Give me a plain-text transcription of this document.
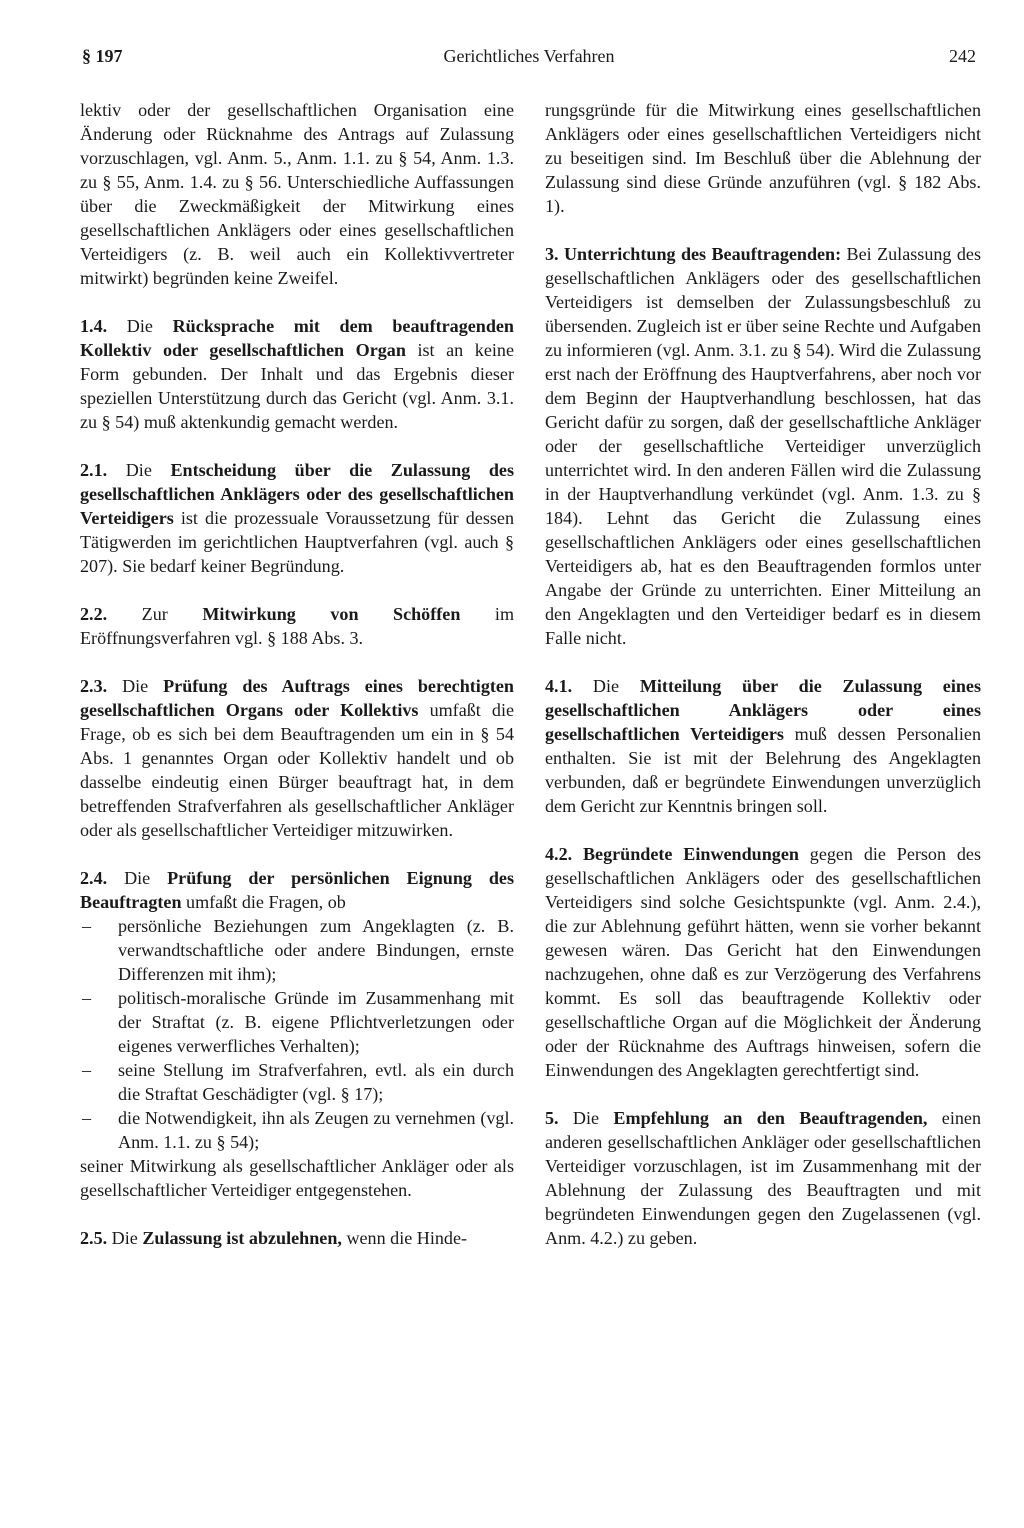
§ 197	Gerichtliches Verfahren	242

lektiv oder der gesellschaftlichen Organisation eine Änderung oder Rücknahme des Antrags auf Zulassung vorzuschlagen, vgl. Anm. 5., Anm. 1.1. zu § 54, Anm. 1.3. zu § 55, Anm. 1.4. zu § 56. Unterschiedliche Auffassungen über die Zweckmäßigkeit der Mitwirkung eines gesellschaftlichen Anklägers oder eines gesellschaftlichen Verteidigers (z. B. weil auch ein Kollektivvertreter mitwirkt) begründen keine Zweifel.

1.4. Die Rücksprache mit dem beauftragenden Kollektiv oder gesellschaftlichen Organ ist an keine Form gebunden. Der Inhalt und das Ergebnis dieser speziellen Unterstützung durch das Gericht (vgl. Anm. 3.1. zu § 54) muß aktenkundig gemacht werden.

2.1. Die Entscheidung über die Zulassung des gesellschaftlichen Anklägers oder des gesellschaftlichen Verteidigers ist die prozessuale Voraussetzung für dessen Tätigwerden im gerichtlichen Hauptverfahren (vgl. auch § 207). Sie bedarf keiner Begründung.

2.2. Zur Mitwirkung von Schöffen im Eröffnungsverfahren vgl. § 188 Abs. 3.

2.3. Die Prüfung des Auftrags eines berechtigten gesellschaftlichen Organs oder Kollektivs umfaßt die Frage, ob es sich bei dem Beauftragenden um ein in § 54 Abs. 1 genanntes Organ oder Kollektiv handelt und ob dasselbe eindeutig einen Bürger beauftragt hat, in dem betreffenden Strafverfahren als gesellschaftlicher Ankläger oder als gesellschaftlicher Verteidiger mitzuwirken.

2.4. Die Prüfung der persönlichen Eignung des Beauftragten umfaßt die Fragen, ob
– persönliche Beziehungen zum Angeklagten (z. B. verwandtschaftliche oder andere Bindungen, ernste Differenzen mit ihm);
– politisch-moralische Gründe im Zusammenhang mit der Straftat (z. B. eigene Pflichtverletzungen oder eigenes verwerfliches Verhalten);
– seine Stellung im Strafverfahren, evtl. als ein durch die Straftat Geschädigter (vgl. § 17);
– die Notwendigkeit, ihn als Zeugen zu vernehmen (vgl. Anm. 1.1. zu § 54);
seiner Mitwirkung als gesellschaftlicher Ankläger oder als gesellschaftlicher Verteidiger entgegenstehen.

2.5. Die Zulassung ist abzulehnen, wenn die Hinde-

rungsgründe für die Mitwirkung eines gesellschaftlichen Anklägers oder eines gesellschaftlichen Verteidigers nicht zu beseitigen sind. Im Beschluß über die Ablehnung der Zulassung sind diese Gründe anzuführen (vgl. § 182 Abs. 1).

3. Unterrichtung des Beauftragenden: Bei Zulassung des gesellschaftlichen Anklägers oder des gesellschaftlichen Verteidigers ist demselben der Zulassungsbeschluß zu übersenden. Zugleich ist er über seine Rechte und Aufgaben zu informieren (vgl. Anm. 3.1. zu § 54). Wird die Zulassung erst nach der Eröffnung des Hauptverfahrens, aber noch vor dem Beginn der Hauptverhandlung beschlossen, hat das Gericht dafür zu sorgen, daß der gesellschaftliche Ankläger oder der gesellschaftliche Verteidiger unverzüglich unterrichtet wird. In den anderen Fällen wird die Zulassung in der Hauptverhandlung verkündet (vgl. Anm. 1.3. zu § 184). Lehnt das Gericht die Zulassung eines gesellschaftlichen Anklägers oder eines gesellschaftlichen Verteidigers ab, hat es den Beauftragenden formlos unter Angabe der Gründe zu unterrichten. Einer Mitteilung an den Angeklagten und den Verteidiger bedarf es in diesem Falle nicht.

4.1. Die Mitteilung über die Zulassung eines gesellschaftlichen Anklägers oder eines gesellschaftlichen Verteidigers muß dessen Personalien enthalten. Sie ist mit der Belehrung des Angeklagten verbunden, daß er begründete Einwendungen unverzüglich dem Gericht zur Kenntnis bringen soll.

4.2. Begründete Einwendungen gegen die Person des gesellschaftlichen Anklägers oder des gesellschaftlichen Verteidigers sind solche Gesichtspunkte (vgl. Anm. 2.4.), die zur Ablehnung geführt hätten, wenn sie vorher bekannt gewesen wären. Das Gericht hat den Einwendungen nachzugehen, ohne daß es zur Verzögerung des Verfahrens kommt. Es soll das beauftragende Kollektiv oder gesellschaftliche Organ auf die Möglichkeit der Änderung oder der Rücknahme des Auftrags hinweisen, sofern die Einwendungen des Angeklagten gerechtfertigt sind.

5. Die Empfehlung an den Beauftragenden, einen anderen gesellschaftlichen Ankläger oder gesellschaftlichen Verteidiger vorzuschlagen, ist im Zusammenhang mit der Ablehnung der Zulassung des Beauftragten und mit begründeten Einwendungen gegen den Zugelassenen (vgl. Anm. 4.2.) zu geben.
